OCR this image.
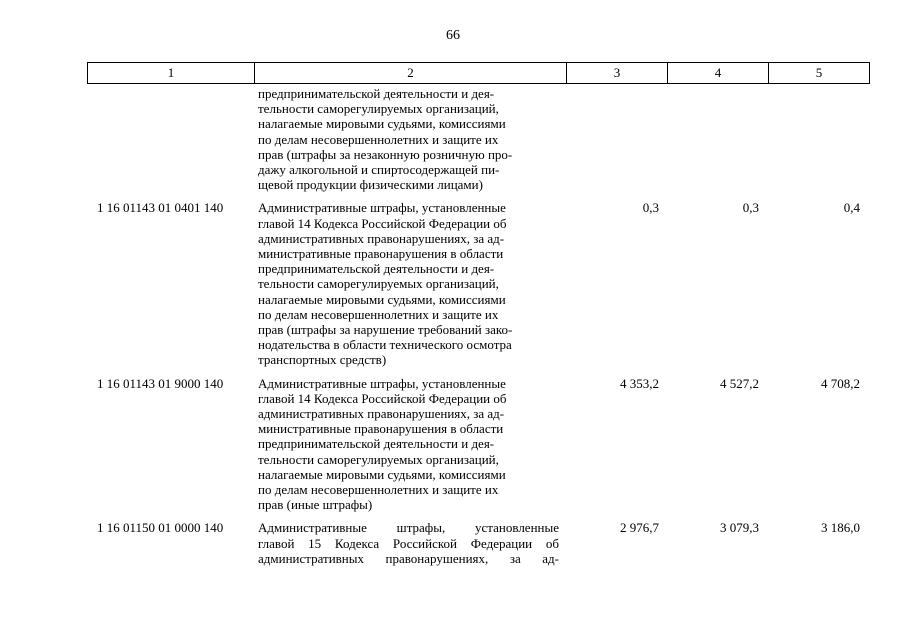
66
1	2	3	4	5
предпринимательской деятельности и дея-
тельности саморегулируемых организаций,
налагаемые мировыми судьями, комиссиями
по делам несовершеннолетних и защите их
прав (штрафы за незаконную розничную про-
дажу алкогольной и спиртосодержащей пи-
щевой продукции физическими лицами)
1 16 01143 01 0401 140	Административные штрафы, установленные
главой 14 Кодекса Российской Федерации об
административных правонарушениях, за ад-
министративные правонарушения в области
предпринимательской деятельности и дея-
тельности саморегулируемых организаций,
налагаемые мировыми судьями, комиссиями
по делам несовершеннолетних и защите их
прав (штрафы за нарушение требований зако-
нодательства в области технического осмотра
транспортных средств)
0,3	0,3	0,4
1 16 01143 01 9000 140	Административные штрафы, установленные
главой 14 Кодекса Российской Федерации об
административных правонарушениях, за ад-
министративные правонарушения в области
предпринимательской деятельности и дея-
тельности саморегулируемых организаций,
налагаемые мировыми судьями, комиссиями
по делам несовершеннолетних и защите их
прав (иные штрафы)
4 353,2	4 527,2	4 708,2
1 16 01150 01 0000 140	Административные штрафы, установленные
главой 15 Кодекса Российской Федерации об
административных правонарушениях, за ад-
2 976,7	3 079,3	3 186,0
